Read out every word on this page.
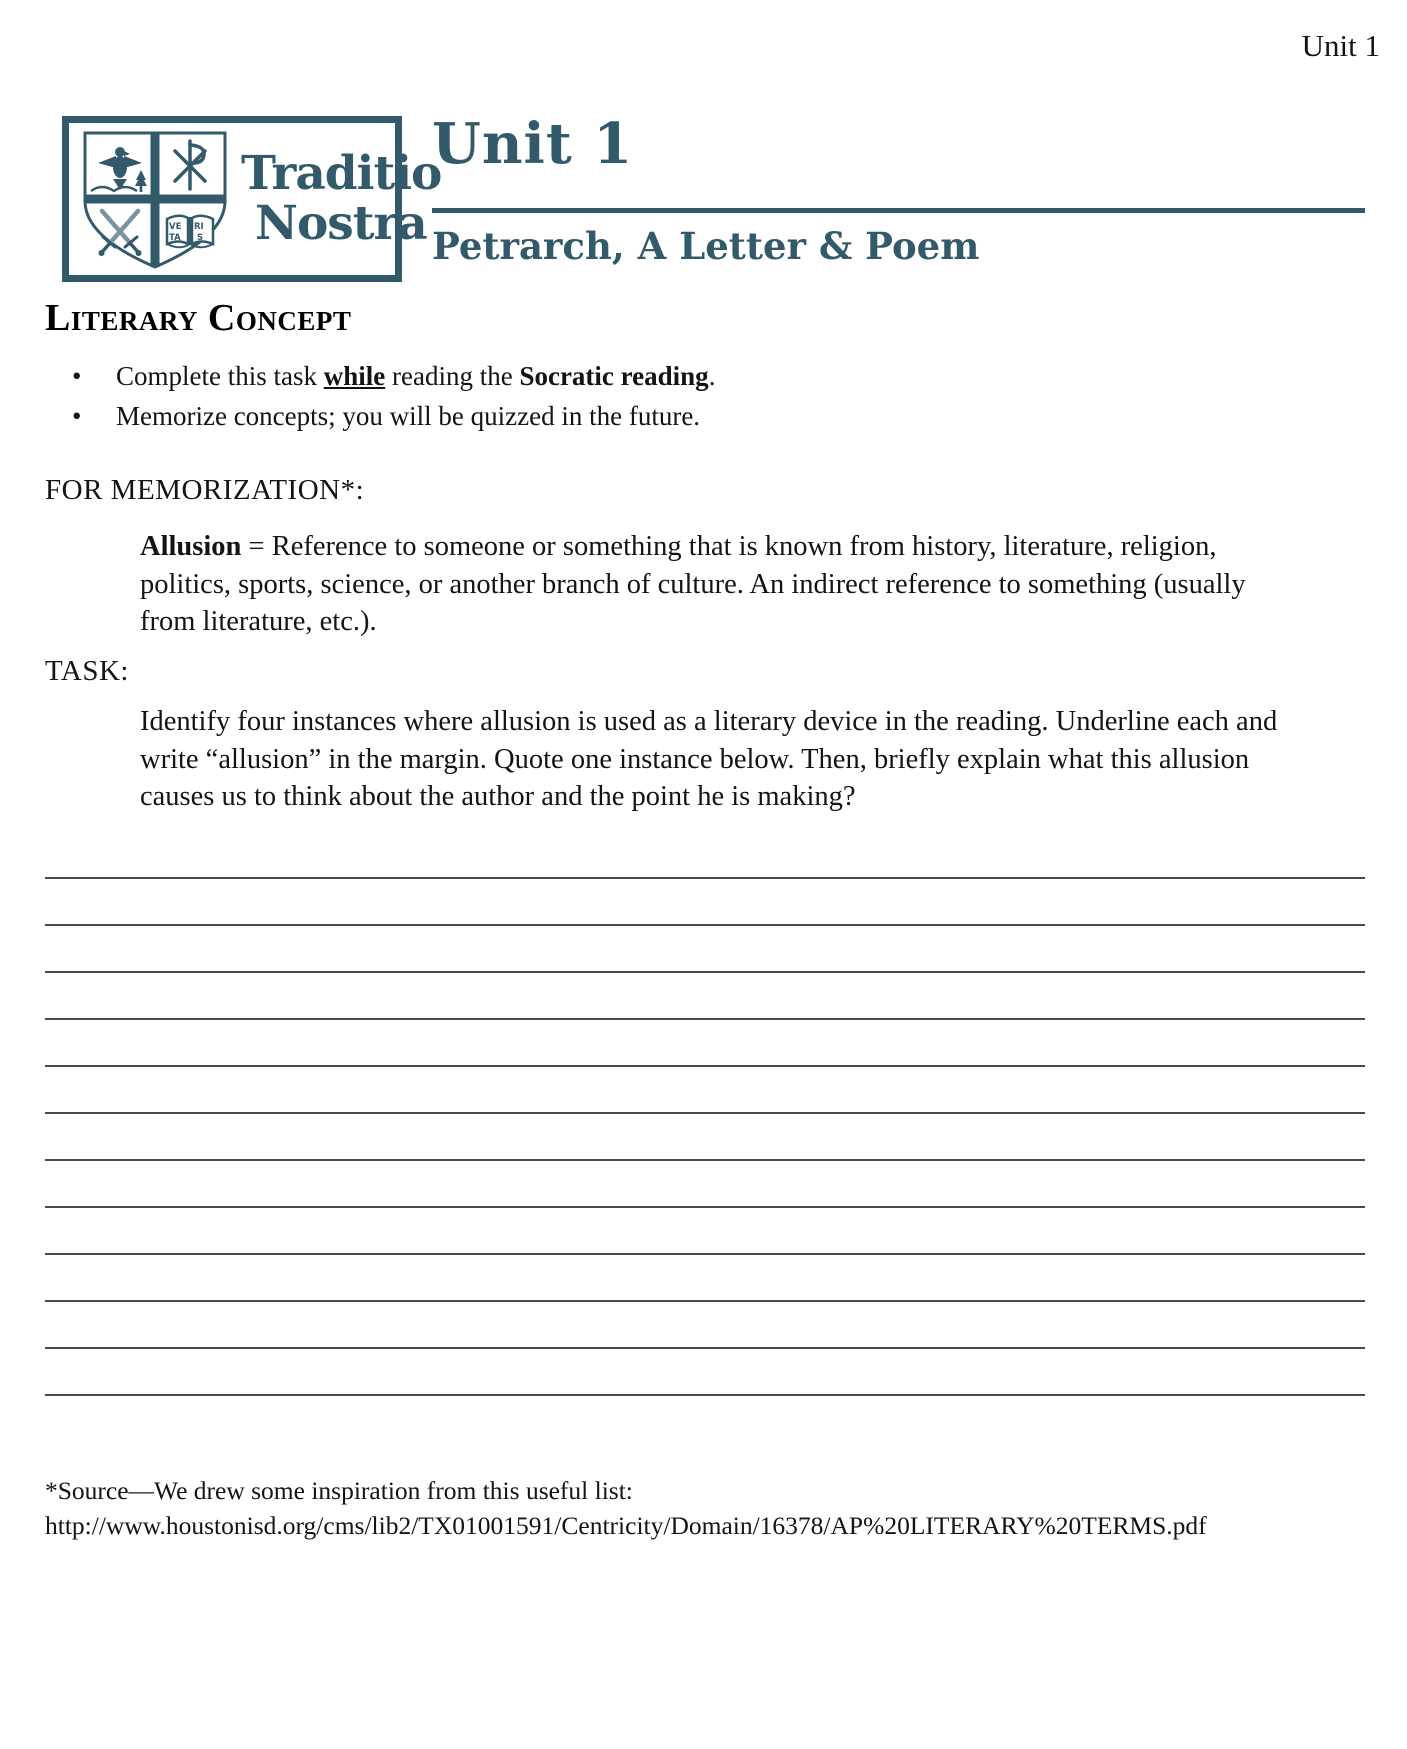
Unit 1
VE RI
TA S
Traditio
Nostra
Unit 1
Petrarch, A Letter & Poem
Literary Concept
• Complete this task while reading the Socratic reading.
• Memorize concepts; you will be quizzed in the future.

FOR MEMORIZATION*:

Allusion = Reference to someone or something that is known from history, literature, religion, politics, sports, science, or another branch of culture. An indirect reference to something (usually from literature, etc.).

TASK:

Identify four instances where allusion is used as a literary device in the reading. Underline each and write “allusion” in the margin. Quote one instance below. Then, briefly explain what this allusion causes us to think about the author and the point he is making?

*Source—We drew some inspiration from this useful list:

http://www.houstonisd.org/cms/lib2/TX01001591/Centricity/Domain/16378/AP%20LITERARY%20TERMS.pdf
